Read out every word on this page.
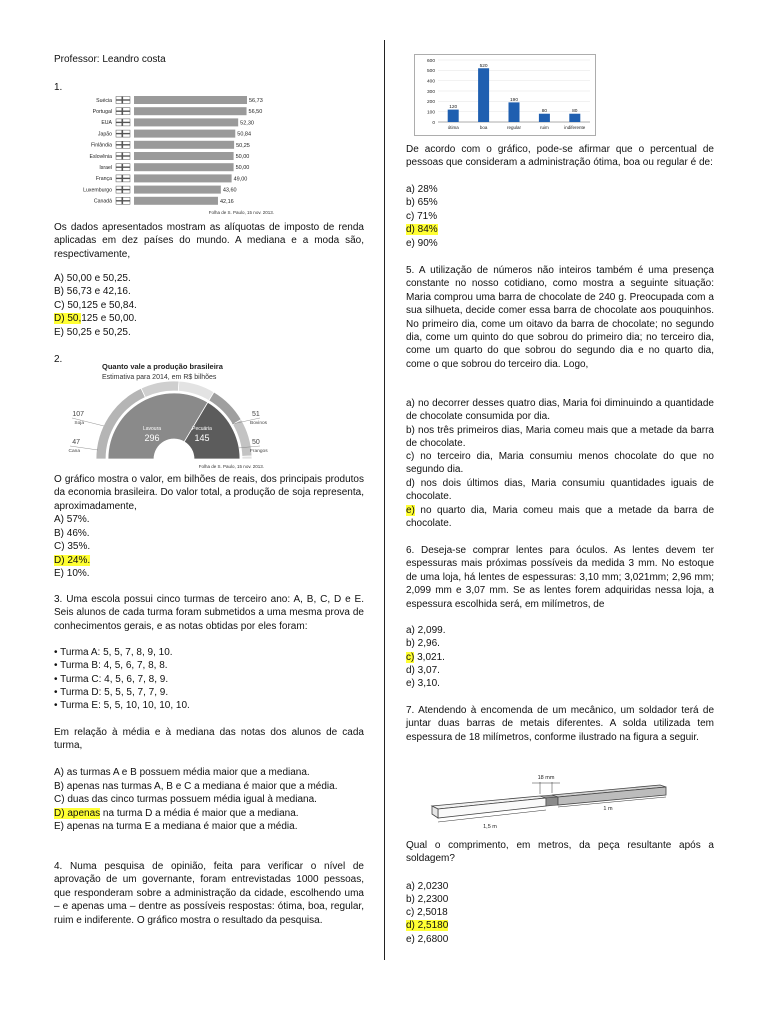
Professor: Leandro costa
1.
Suécia	56,73
Portugal	56,50
EUA	52,30
Japão	50,84
Finlândia	50,25
Eslovênia	50,00
Israel	50,00
França	49,00
Luxemburgo	43,60
Canadá	42,16
Folha de S. Paulo, 15 nov. 2013.
Os dados apresentados mostram as alíquotas de imposto de renda aplicadas em dez países do mundo. A mediana e a moda são, respectivamente,
A) 50,00 e 50,25.
B) 56,73 e 42,16.
C) 50,125 e 50,84.
D) 50,125 e 50,00.
E) 50,25 e 50,25.
2.
Quanto vale a produção brasileira
Estimativa para 2014, em R$ bilhões
Lavoura
296
Pecuária
145
Total
441
107
Soja
47
Cana
51
Bovinos
50
Frangos
Folha de S. Paulo, 15 nov. 2013.
O gráfico mostra o valor, em bilhões de reais, dos principais produtos da economia brasileira. Do valor total, a produção de soja representa, aproximadamente,
A) 57%.
B) 46%.
C) 35%.
D) 24%.
E) 10%.
3. Uma escola possui cinco turmas de terceiro ano: A, B, C, D e E. Seis alunos de cada turma foram submetidos a uma mesma prova de conhecimentos gerais, e as notas obtidas por eles foram:
• Turma A: 5, 5, 7, 8, 9, 10.
• Turma B: 4, 5, 6, 7, 8, 8.
• Turma C: 4, 5, 6, 7, 8, 9.
• Turma D: 5, 5, 5, 7, 7, 9.
• Turma E: 5, 5, 10, 10, 10, 10.
Em relação à média e à mediana das notas dos alunos de cada turma,
A) as turmas A e B possuem média maior que a mediana.
B) apenas nas turmas A, B e C a mediana é maior que a média.
C) duas das cinco turmas possuem média igual à mediana.
D) apenas na turma D a média é maior que a mediana.
E) apenas na turma E a mediana é maior que a média.
4. Numa pesquisa de opinião, feita para verificar o nível de aprovação de um governante, foram entrevistadas 1000 pessoas, que responderam sobre a administração da cidade, escolhendo uma – e apenas uma – dentre as possíveis respostas: ótima, boa, regular, ruim e indiferente. O gráfico mostra o resultado da pesquisa.
0
100
200
300
400
500
600
120
ótima
520
boa
190
regular
80
ruim
80
indiferente
De acordo com o gráfico, pode-se afirmar que o percentual de pessoas que consideram a administração ótima, boa ou regular é de:
a) 28%
b) 65%
c) 71%
d) 84%
e) 90%
5. A utilização de números não inteiros também é uma presença constante no nosso cotidiano, como mostra a seguinte situação: Maria comprou uma barra de chocolate de 240 g. Preocupada com a sua silhueta, decide comer essa barra de chocolate aos pouquinhos. No primeiro dia, come um oitavo da barra de chocolate; no segundo dia, come um quinto do que sobrou do primeiro dia; no terceiro dia, come um quarto do que sobrou do segundo dia e no quarto dia, come o que sobrou do terceiro dia. Logo,
a) no decorrer desses quatro dias, Maria foi diminuindo a quantidade de chocolate consumida por dia.
b) nos três primeiros dias, Maria comeu mais que a metade da barra de chocolate.
c) no terceiro dia, Maria consumiu menos chocolate do que no segundo dia.
d) nos dois últimos dias, Maria consumiu quantidades iguais de chocolate.
e) no quarto dia, Maria comeu mais que a metade da barra de chocolate.
6. Deseja-se comprar lentes para óculos. As lentes devem ter espessuras mais próximas possíveis da medida 3 mm. No estoque de uma loja, há lentes de espessuras: 3,10 mm; 3,021mm; 2,96 mm; 2,099 mm e 3,07 mm. Se as lentes forem adquiridas nessa loja, a espessura escolhida será, em milímetros, de
a) 2,099.
b) 2,96.
c) 3,021.
d) 3,07.
e) 3,10.
7. Atendendo à encomenda de um mecânico, um soldador terá de juntar duas barras de metais diferentes. A solda utilizada tem espessura de 18 milímetros, conforme ilustrado na figura a seguir.
18 mm
1,5 m
1 m
Qual o comprimento, em metros, da peça resultante após a soldagem?
a) 2,0230
b) 2,2300
c) 2,5018
d) 2,5180
e) 2,6800
